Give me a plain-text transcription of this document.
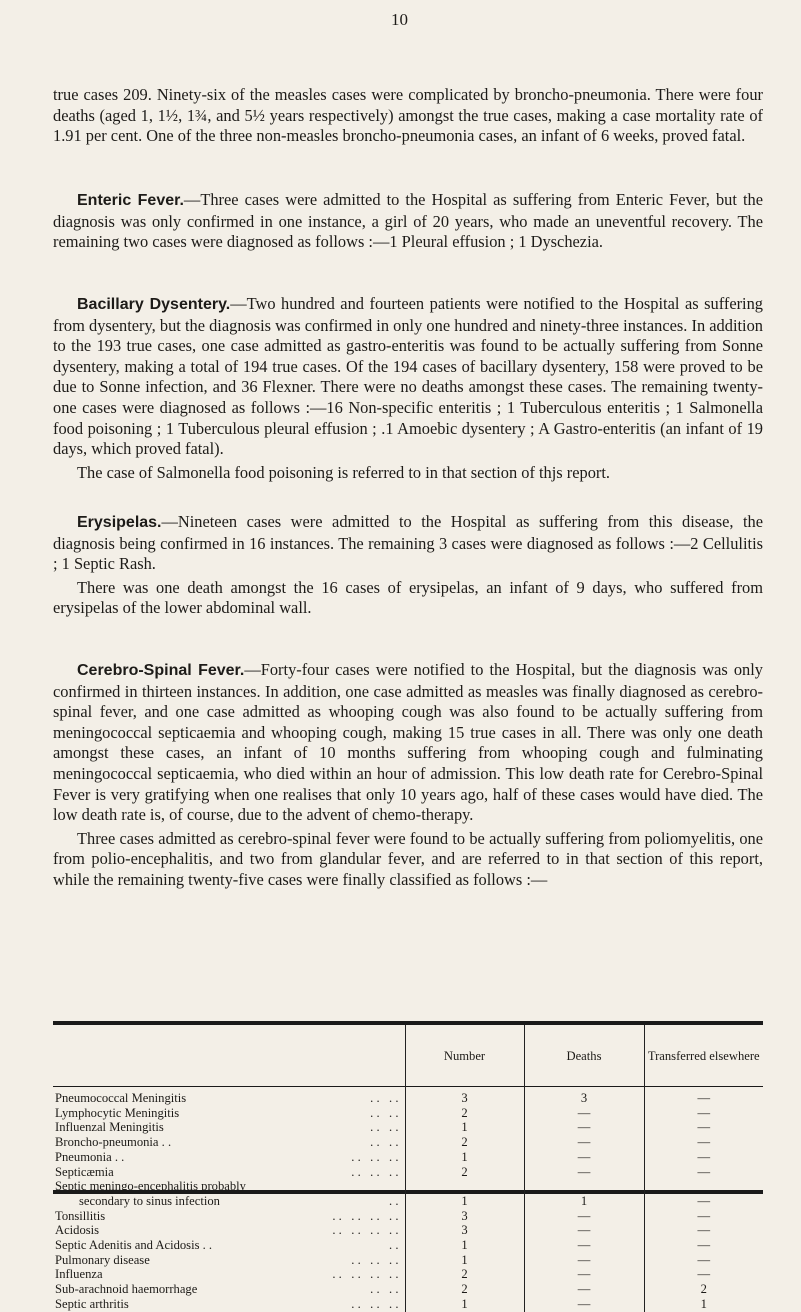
10

true cases 209. Ninety-six of the measles cases were complicated by broncho-pneumonia. There were four deaths (aged 1, 1½, 1¾, and 5½ years respectively) amongst the true cases, making a case mortality rate of 1.91 per cent. One of the three non-measles broncho-pneumonia cases, an infant of 6 weeks, proved fatal.

Enteric Fever.—Three cases were admitted to the Hospital as suffering from Enteric Fever, but the diagnosis was only confirmed in one instance, a girl of 20 years, who made an uneventful recovery. The remaining two cases were diagnosed as follows :—1 Pleural effusion ; 1 Dyschezia.

Bacillary Dysentery.—Two hundred and fourteen patients were notified to the Hospital as suffering from dysentery, but the diagnosis was confirmed in only one hundred and ninety-three instances. In addition to the 193 true cases, one case admitted as gastro-enteritis was found to be actually suffering from Sonne dysentery, making a total of 194 true cases. Of the 194 cases of bacillary dysentery, 158 were proved to be due to Sonne infection, and 36 Flexner. There were no deaths amongst these cases. The remaining twenty-one cases were diagnosed as follows :—16 Non-specific enteritis ; 1 Tuberculous enteritis ; 1 Salmonella food poisoning ; 1 Tuberculous pleural effusion ; .1 Amoebic dysentery ; A Gastro-enteritis (an infant of 19 days, which proved fatal).

The case of Salmonella food poisoning is referred to in that section of thjs report.

Erysipelas.—Nineteen cases were admitted to the Hospital as suffering from this disease, the diagnosis being confirmed in 16 instances. The remaining 3 cases were diagnosed as follows :—2 Cellulitis ; 1 Septic Rash.

There was one death amongst the 16 cases of erysipelas, an infant of 9 days, who suffered from erysipelas of the lower abdominal wall.

Cerebro-Spinal Fever.—Forty-four cases were notified to the Hospital, but the diagnosis was only confirmed in thirteen instances. In addition, one case admitted as measles was finally diagnosed as cerebro-spinal fever, and one case admitted as whooping cough was also found to be actually suffering from meningococcal septicaemia and whooping cough, making 15 true cases in all. There was only one death amongst these cases, an infant of 10 months suffering from whooping cough and fulminating meningococcal septicaemia, who died within an hour of admission. This low death rate for Cerebro-Spinal Fever is very gratifying when one realises that only 10 years ago, half of these cases would have died. The low death rate is, of course, due to the advent of chemo-therapy.

Three cases admitted as cerebro-spinal fever were found to be actually suffering from poliomyelitis, one from polio-encephalitis, and two from glandular fever, and are referred to in that section of this report, while the remaining twenty-five cases were finally classified as follows :—

	Number	Deaths	Transferred elsewhere
Pneumococcal Meningitis . .   . .	3	3	—
Lymphocytic Meningitis . .   . .	2	—	—
Influenzal Meningitis . .   . .	1	—	—
Broncho-pneumonia . . . .   . .	2	—	—
Pneumonia . . . .   . .   . .	1	—	—
Septicæmia . .   . .   . .	2	—	—
Septic meningo-encephalitis probably

secondary to sinus infection . .	1	1	—
Tonsillitis . .   . .   . .   . .	3	—	—
Acidosis . .   . .   . .   . .	3	—	—
Septic Adenitis and Acidosis . . . .	1	—	—
Pulmonary disease . .   . .   . .	1	—	—
Influenza . .   . .   . .   . .	2	—	—
Sub-arachnoid haemorrhage . .   . .	2	—	2
Septic arthritis . .   . .   . .	1	—	1
